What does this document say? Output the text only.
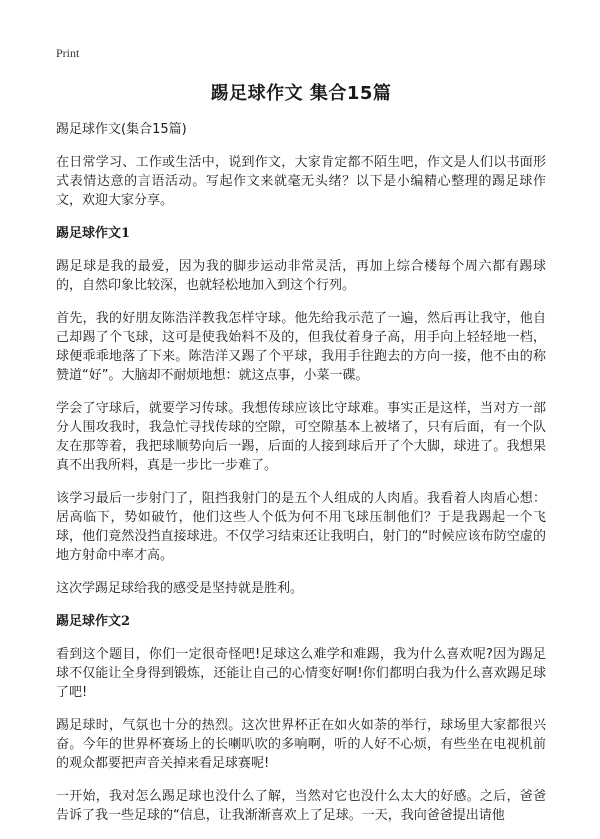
Print
踢足球作文 集合15篇

踢足球作文(集合15篇)

在日常学习、工作或生活中，说到作文，大家肯定都不陌生吧，作文是人们以书面形式表情达意的言语活动。写起作文来就毫无头绪？以下是小编精心整理的踢足球作文，欢迎大家分享。

踢足球作文1

踢足球是我的最爱，因为我的脚步运动非常灵活，再加上综合楼每个周六都有踢球的，自然印象比较深，也就轻松地加入到这个行列。

首先，我的好朋友陈浩洋教我怎样守球。他先给我示范了一遍，然后再让我守，他自己却踢了个飞球，这可是使我始料不及的，但我仗着身子高，用手向上轻轻地一档，球便乖乖地落了下来。陈浩洋又踢了个平球，我用手往跑去的方向一接，他不由的称赞道“好”。大脑却不耐烦地想：就这点事，小菜一碟。

学会了守球后，就要学习传球。我想传球应该比守球难。事实正是这样，当对方一部分人围攻我时，我急忙寻找传球的空隙，可空隙基本上被堵了，只有后面，有一个队友在那等着，我把球顺势向后一踢，后面的人接到球后开了个大脚，球进了。我想果真不出我所料，真是一步比一步难了。

该学习最后一步射门了，阻挡我射门的是五个人组成的人肉盾。我看着人肉盾心想：居高临下，势如破竹，他们这些人个低为何不用飞球压制他们？于是我踢起一个飞球，他们竟然没挡直接球进。不仅学习结束还让我明白，射门的“时候应该布防空虚的地方射命中率才高。

这次学踢足球给我的感受是坚持就是胜利。

踢足球作文2

看到这个题目，你们一定很奇怪吧!足球这么难学和难踢，我为什么喜欢呢?因为踢足球不仅能让全身得到锻炼，还能让自己的心情变好啊!你们都明白我为什么喜欢踢足球了吧!

踢足球时，气氛也十分的热烈。这次世界杯正在如火如荼的举行，球场里大家都很兴奋。今年的世界杯赛场上的长喇叭吹的多响啊，听的人好不心烦，有些坐在电视机前的观众都要把声音关掉来看足球赛呢!

一开始，我对怎么踢足球也没什么了解，当然对它也没什么太大的好感。之后，爸爸告诉了我一些足球的“信息，让我渐渐喜欢上了足球。一天，我向爸爸提出请他
